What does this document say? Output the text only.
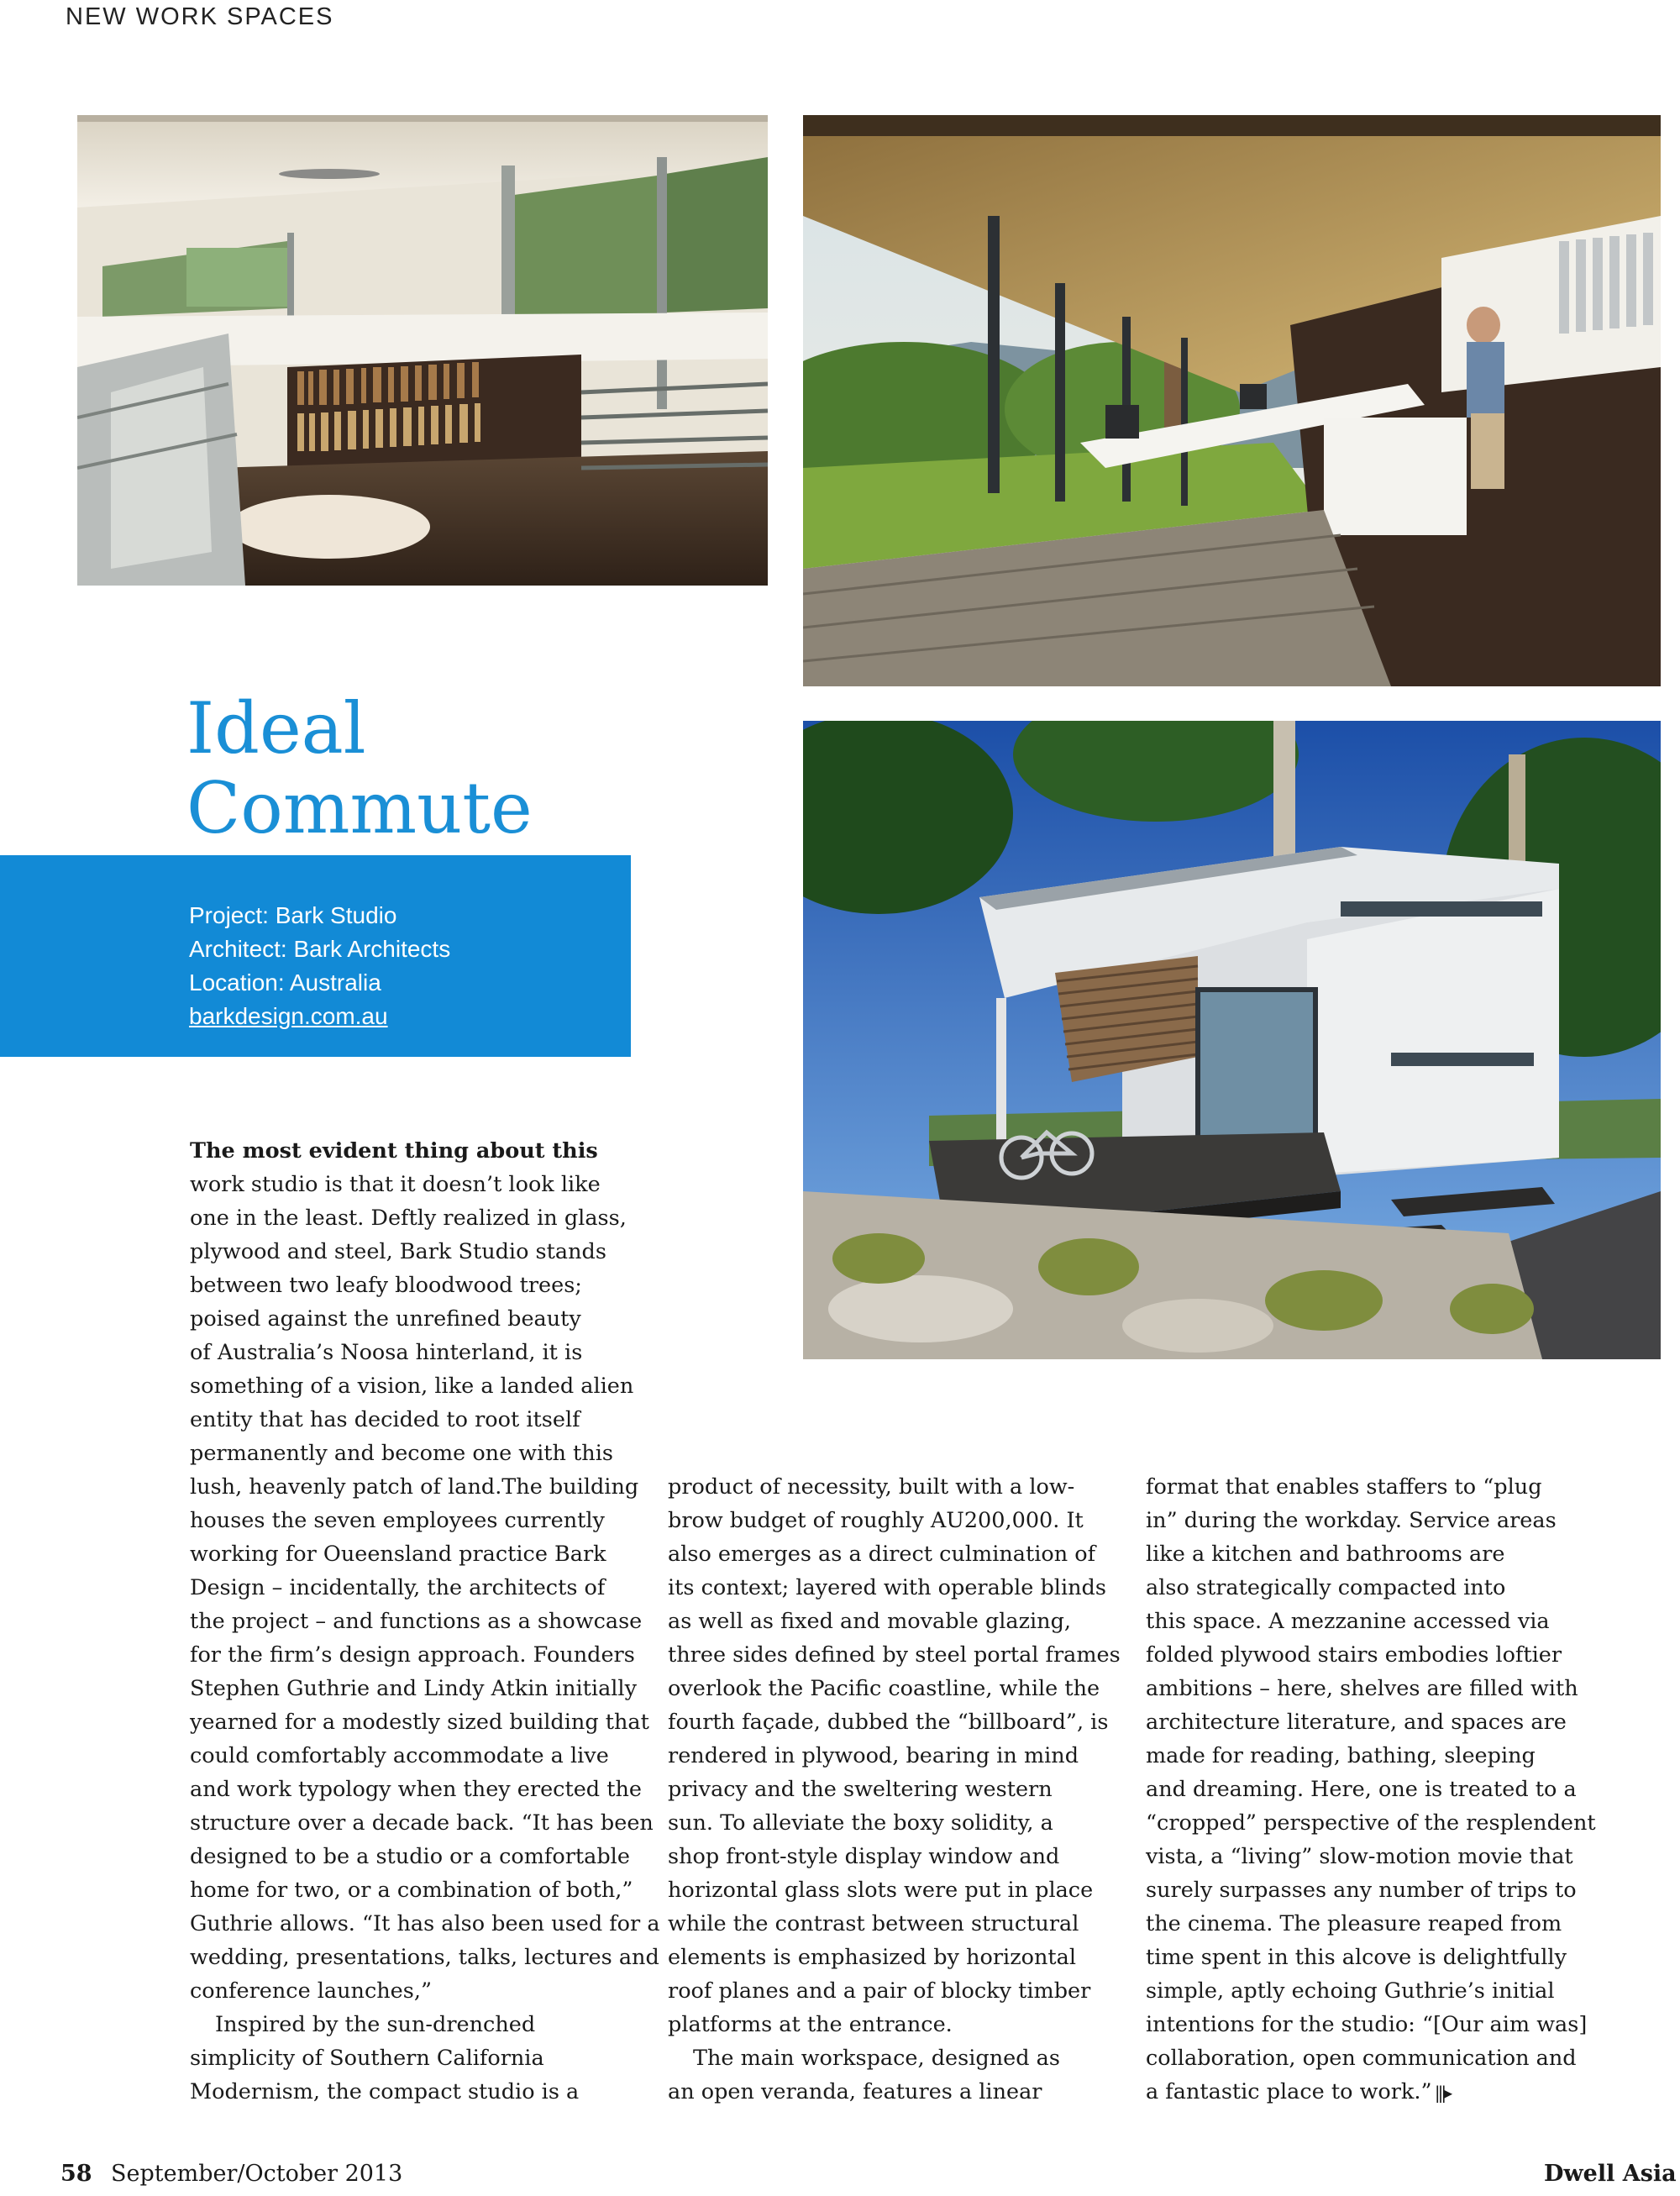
NEW WORK SPACES
Ideal
Commute
Project: Bark Studio
Architect: Bark Architects
Location: Australia
barkdesign.com.au
The most evident thing about this
work studio is that it doesn’t look like
one in the least. Deftly realized in glass,
plywood and steel, Bark Studio stands
between two leafy bloodwood trees;
poised against the unrefined beauty
of Australia’s Noosa hinterland, it is
something of a vision, like a landed alien
entity that has decided to root itself
permanently and become one with this
lush, heavenly patch of land.The building
houses the seven employees currently
working for Oueensland practice Bark
Design – incidentally, the architects of
the project – and functions as a showcase
for the firm’s design approach. Founders
Stephen Guthrie and Lindy Atkin initially
yearned for a modestly sized building that
could comfortably accommodate a live
and work typology when they erected the
structure over a decade back. “It has been
designed to be a studio or a comfortable
home for two, or a combination of both,”
Guthrie allows. “It has also been used for a
wedding, presentations, talks, lectures and
conference launches,”
Inspired by the sun-drenched
simplicity of Southern California
Modernism, the compact studio is a
product of necessity, built with a low-
brow budget of roughly AU200,000. It
also emerges as a direct culmination of
its context; layered with operable blinds
as well as fixed and movable glazing,
three sides defined by steel portal frames
overlook the Pacific coastline, while the
fourth façade, dubbed the “billboard”, is
rendered in plywood, bearing in mind
privacy and the sweltering western
sun. To alleviate the boxy solidity, a
shop front-style display window and
horizontal glass slots were put in place
while the contrast between structural
elements is emphasized by horizontal
roof planes and a pair of blocky timber
platforms at the entrance.
The main workspace, designed as
an open veranda, features a linear
format that enables staffers to “plug
in” during the workday. Service areas
like a kitchen and bathrooms are
also strategically compacted into
this space. A mezzanine accessed via
folded plywood stairs embodies loftier
ambitions – here, shelves are filled with
architecture literature, and spaces are
made for reading, bathing, sleeping
and dreaming. Here, one is treated to a
“cropped” perspective of the resplendent
vista, a “living” slow-motion movie that
surely surpasses any number of trips to
the cinema. The pleasure reaped from
time spent in this alcove is delightfully
simple, aptly echoing Guthrie’s initial
intentions for the studio: “[Our aim was]
collaboration, open communication and
a fantastic place to work.” |||▸
58 September/October 2013	Dwell Asia
